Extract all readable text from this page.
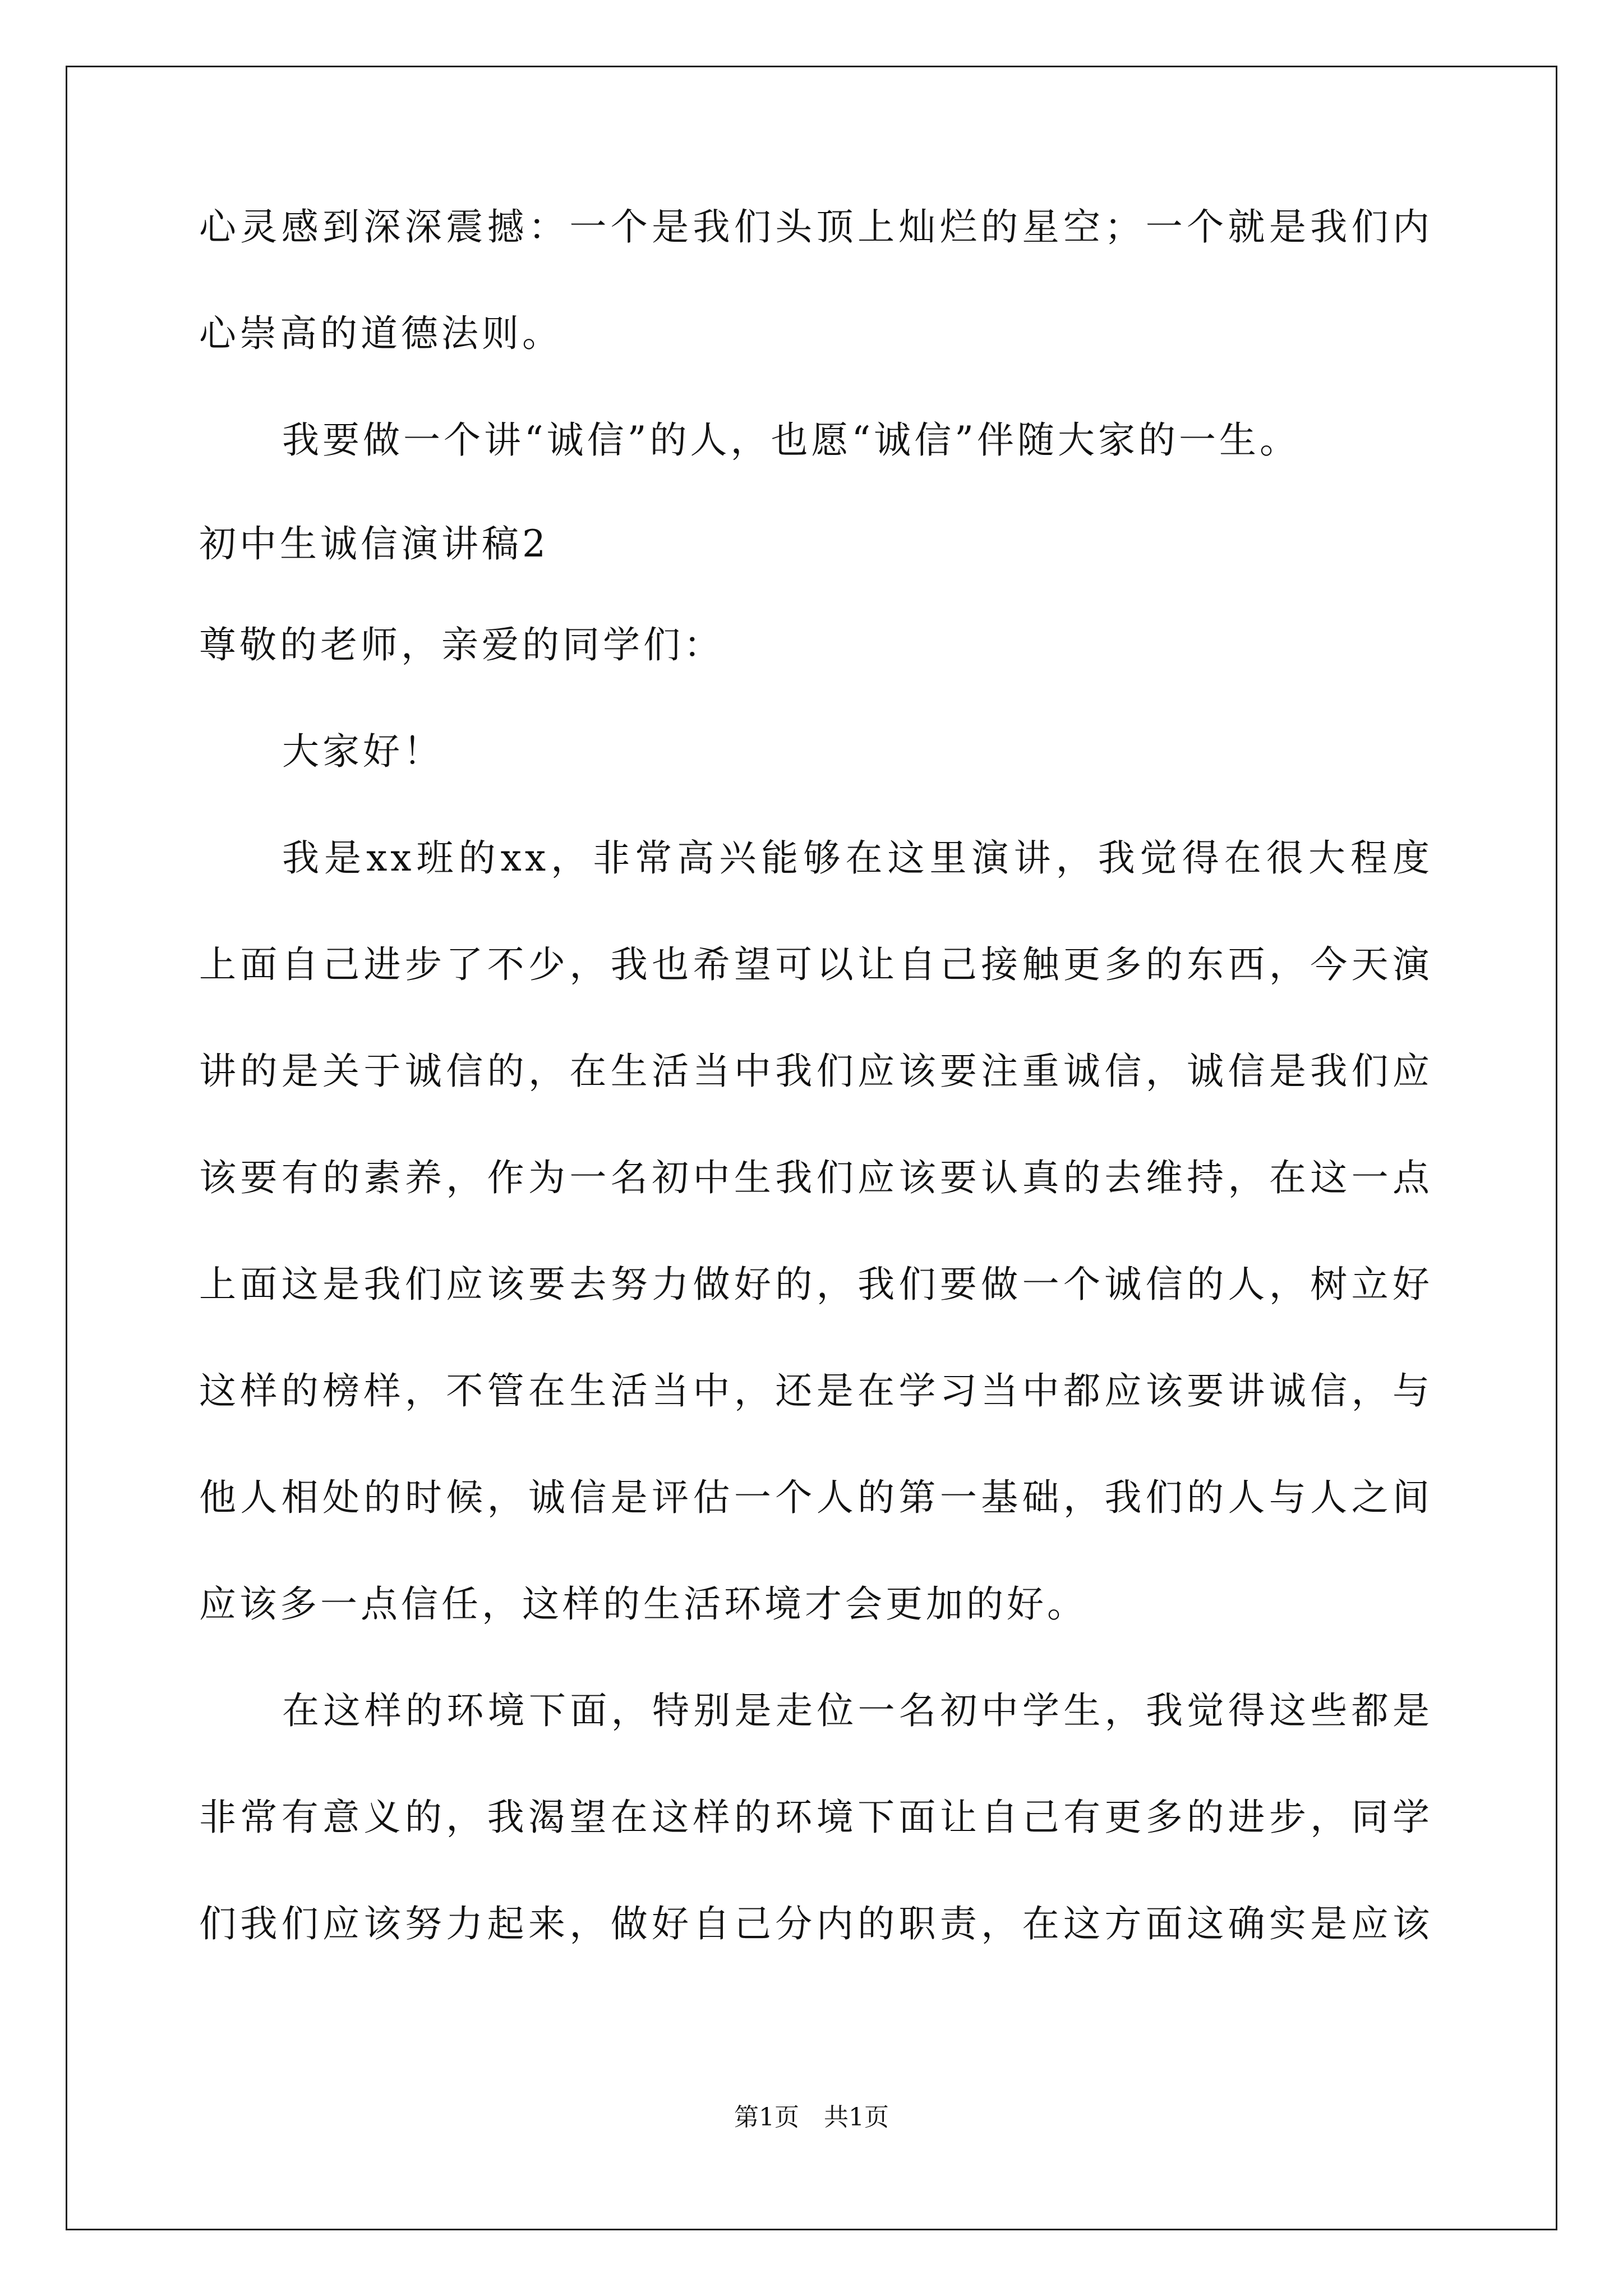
心灵感到深深震撼：一个是我们头顶上灿烂的星空；一个就是我们内
心崇高的道德法则。
我要做一个讲“诚信”的人，也愿“诚信”伴随大家的一生。
初中生诚信演讲稿2
尊敬的老师，亲爱的同学们：
大家好！
我是xx班的xx，非常高兴能够在这里演讲，我觉得在很大程度
上面自己进步了不少，我也希望可以让自己接触更多的东西，今天演
讲的是关于诚信的，在生活当中我们应该要注重诚信，诚信是我们应
该要有的素养，作为一名初中生我们应该要认真的去维持，在这一点
上面这是我们应该要去努力做好的，我们要做一个诚信的人，树立好
这样的榜样，不管在生活当中，还是在学习当中都应该要讲诚信，与
他人相处的时候，诚信是评估一个人的第一基础，我们的人与人之间
应该多一点信任，这样的生活环境才会更加的好。
在这样的环境下面，特别是走位一名初中学生，我觉得这些都是
非常有意义的，我渴望在这样的环境下面让自己有更多的进步，同学
们我们应该努力起来，做好自己分内的职责，在这方面这确实是应该
第1页　共1页
